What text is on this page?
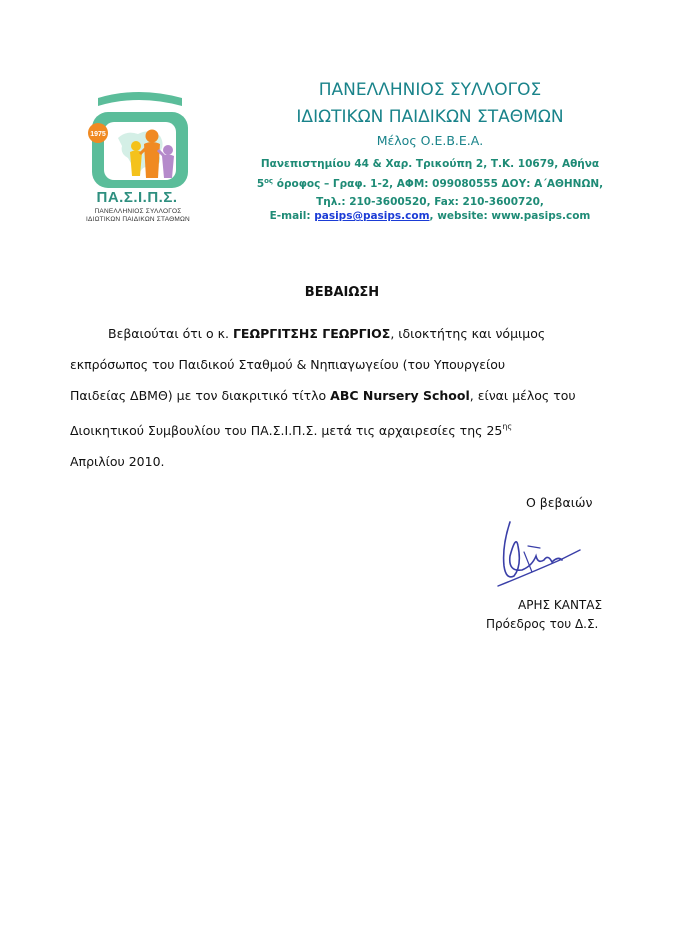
1975
ΠΑ.Σ.Ι.Π.Σ.
ΠΑΝΕΛΛΗΝΙΟΣ ΣΥΛΛΟΓΟΣ
ΙΔΙΩΤΙΚΩΝ ΠΑΙΔΙΚΩΝ ΣΤΑΘΜΩΝ
ΠΑΝΕΛΛΗΝΙΟΣ ΣΥΛΛΟΓΟΣ
ΙΔΙΩΤΙΚΩΝ ΠΑΙΔΙΚΩΝ ΣΤΑΘΜΩΝ
Μέλος Ο.Ε.Β.Ε.Α.
Πανεπιστημίου 44 & Χαρ. Τρικούπη 2, Τ.Κ. 10679, Αθήνα
$5^{o\varsigma}$ όροφος – Γραφ. 1-2, ΑΦΜ: 099080555 ΔΟΥ: Α΄ΑΘΗΝΩΝ,
Τηλ.: 210-3600520, Fax: 210-3600720,
E-mail: pasips@pasips.com, website: www.pasips.com
ΒΕΒΑΙΩΣΗ
Βεβαιούται ότι ο κ. ΓΕΩΡΓΙΤΣΗΣ ΓΕΩΡΓΙΟΣ, ιδιοκτήτης και νόμιμος
εκπρόσωπος του Παιδικού Σταθμού & Νηπιαγωγείου (του Υπουργείου
Παιδείας ΔΒΜΘ) με τον διακριτικό τίτλο ABC Nursery School, είναι μέλος του
Διοικητικού Συμβουλίου του ΠΑ.Σ.Ι.Π.Σ. μετά τις αρχαιρεσίες της $25^{\eta\varsigma}$
Απριλίου 2010.
Ο βεβαιών
ΑΡΗΣ ΚΑΝΤΑΣ
Πρόεδρος του Δ.Σ.
